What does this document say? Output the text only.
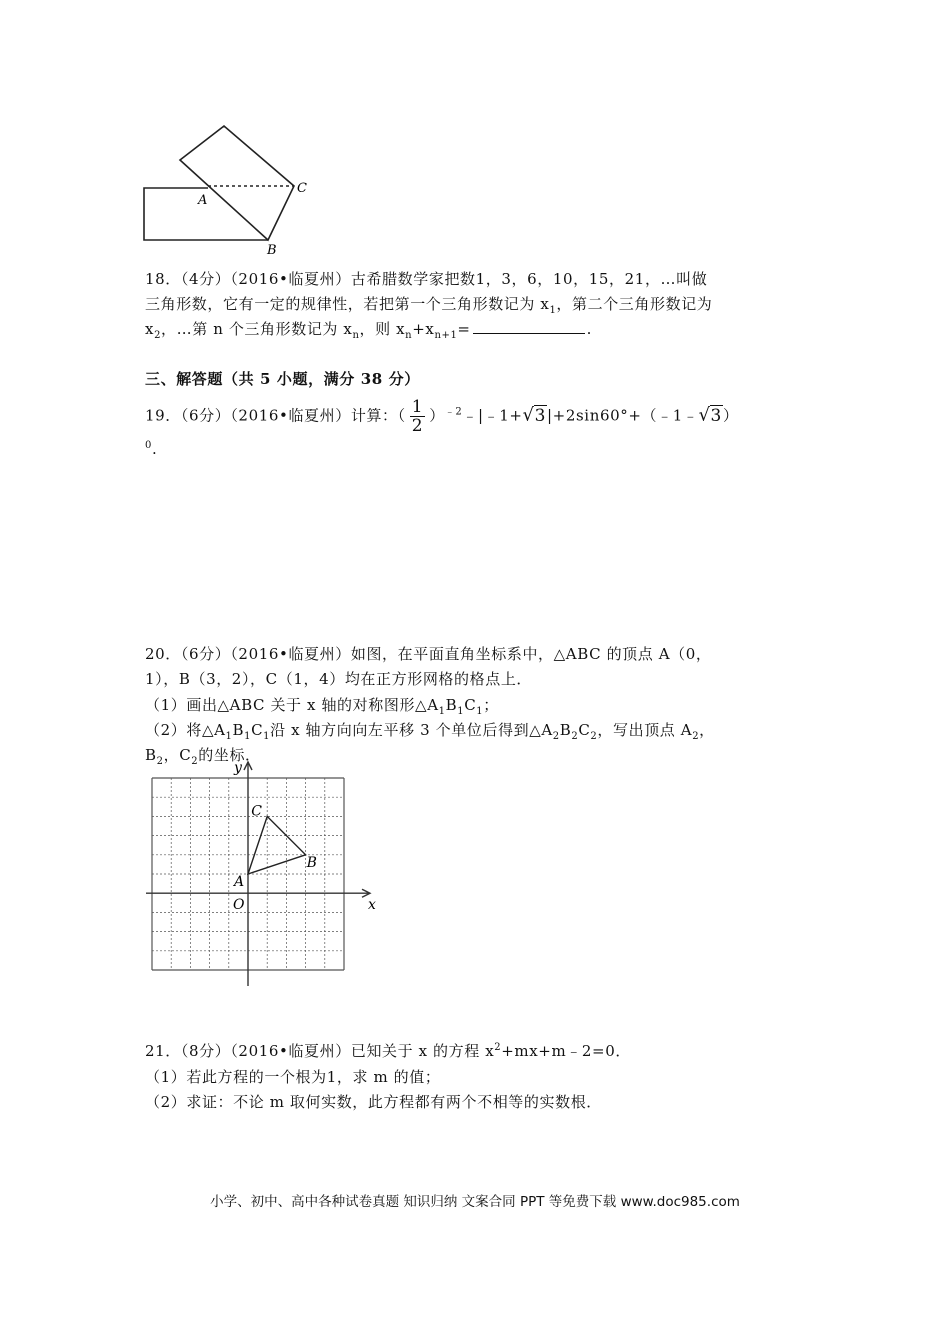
A
C
B
18．（4分）（2016•临夏州）古希腊数学家把数1，3，6，10，15，21，…叫做
三角形数，它有一定的规律性，若把第一个三角形数记为 $x_1$，第二个三角形数记为
$x_2$，…第 n 个三角形数记为 $x_n$，则 $x_n+x_{n+1}=$	.
三、解答题（共 5 小题，满分 38 分）
19．（6分）（2016•临夏州）计算：（ $\frac{1}{2}$ ）$^{﹣2}$﹣|﹣1+√3|+2sin60°+（﹣1﹣√3）
$^0$.
20．（6分）（2016•临夏州）如图，在平面直角坐标系中，△ABC 的顶点 A（0，
1），B（3，2），C（1，4）均在正方形网格的格点上．
（1）画出△ABC 关于 x 轴的对称图形$\triangle A_1B_1C_1$；
（2）将$\triangle A_1B_1C_1$沿 x 轴方向向左平移 3 个单位后得到$\triangle A_2B_2C_2$，写出顶点 $A_2$，
$B_2$，$C_2$的坐标．
x
y
O
A
B
C
21．（8分）（2016•临夏州）已知关于 x 的方程 $x^2+mx+m﹣2=0$．
（1）若此方程的一个根为1，求 m 的值；
（2）求证：不论 m 取何实数，此方程都有两个不相等的实数根．
小学、初中、高中各种试卷真题 知识归纳 文案合同 PPT 等免费下载 www.doc985.com
